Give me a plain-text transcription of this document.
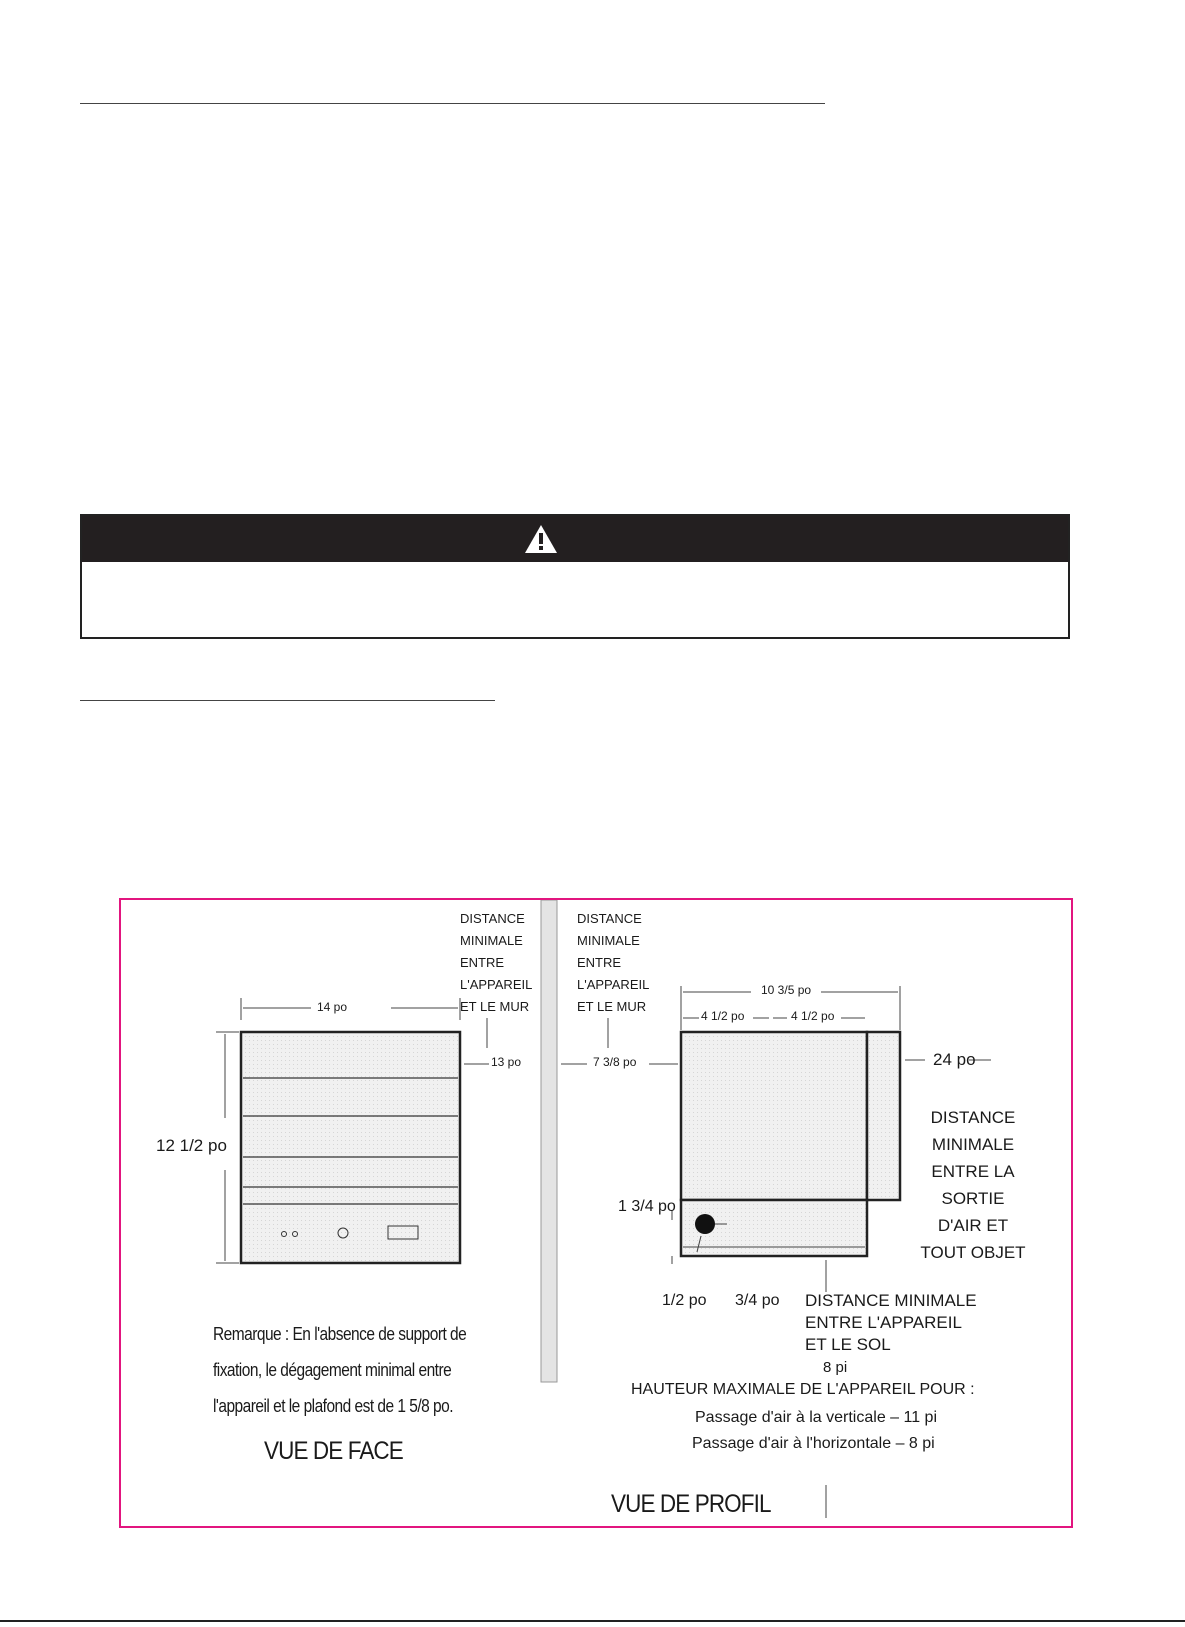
14 po

12 1/2 po

Remarque : En l'absence de support de
fixation, le dégagement minimal entre
l'appareil et le plafond est de 1 5/8 po.

VUE DE FACE

DISTANCE
MINIMALE
ENTRE
L'APPAREIL
ET LE MUR
DISTANCE
MINIMALE
ENTRE
L'APPAREIL
ET LE MUR

13 po	7 3/8 po

10 3/5 po

4 1/2 po	4 1/2 po

24 po

DISTANCE
MINIMALE
ENTRE LA
SORTIE
D'AIR ET
TOUT OBJET

1 3/4 po

1/2 po 3/4 po DISTANCE MINIMALE
ENTRE L'APPAREIL
ET LE SOL

8 pi

HAUTEUR MAXIMALE DE L'APPAREIL POUR :

Passage d'air à la verticale – 11 pi

Passage d'air à l'horizontale – 8 pi

VUE DE PROFIL
